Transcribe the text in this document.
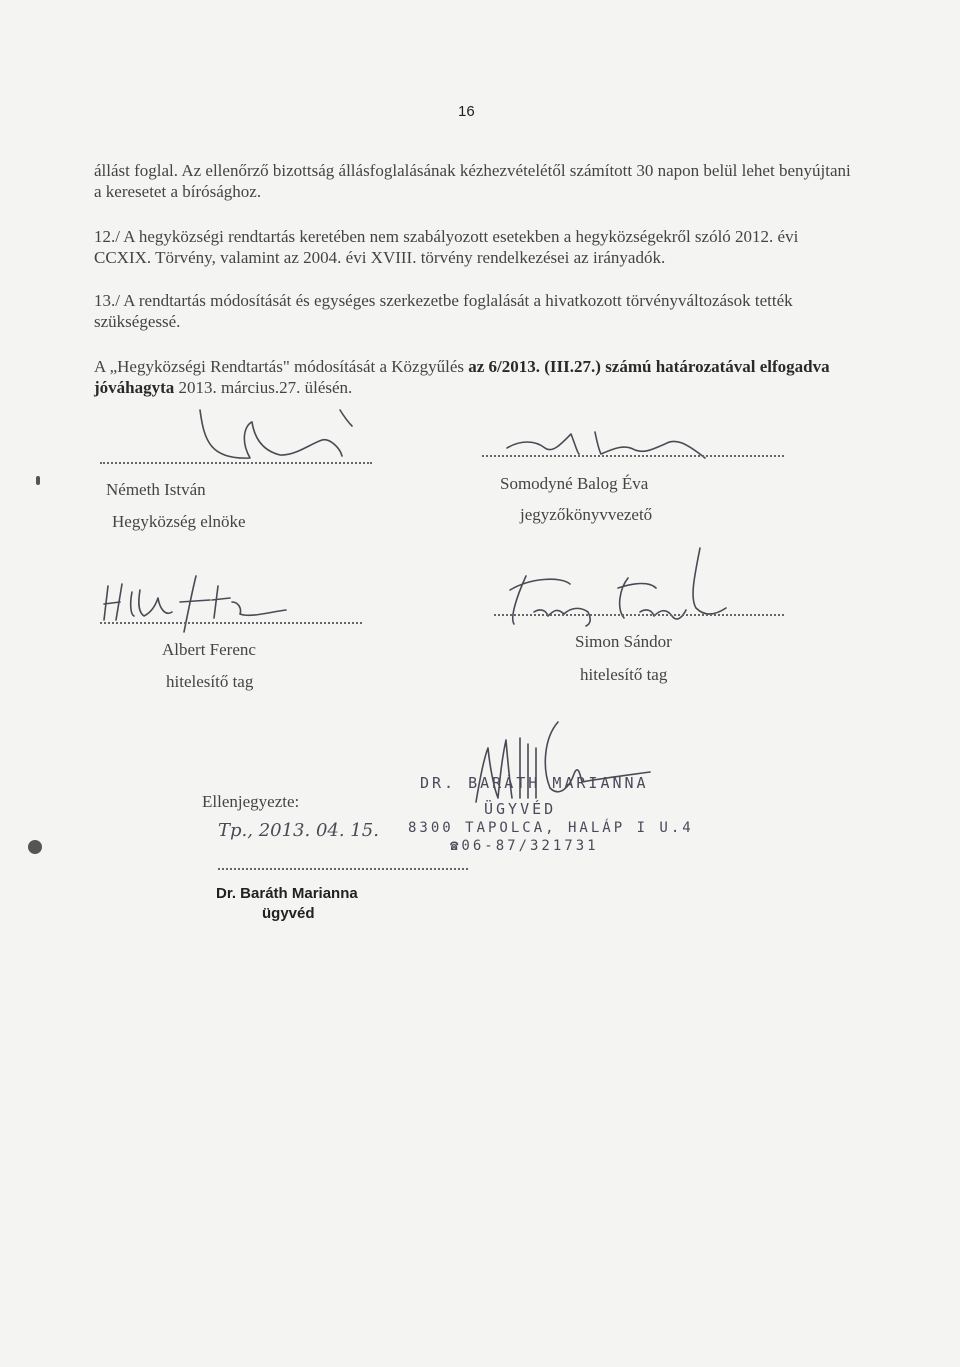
16
állást foglal. Az ellenőrző bizottság állásfoglalásának kézhezvételétől számított 30 napon belül lehet benyújtani a keresetet a bírósághoz.
12./ A hegyközségi rendtartás keretében nem szabályozott esetekben a hegyközségekről szóló 2012. évi CCXIX. Törvény, valamint az 2004. évi XVIII. törvény rendelkezései az irányadók.
13./ A rendtartás módosítását és egységes szerkezetbe foglalását a hivatkozott törvényváltozások tették szükségessé.
A „Hegyközségi Rendtartás" módosítását a Közgyűlés az 6/2013. (III.27.) számú határozatával elfogadva jóváhagyta 2013. március.27. ülésén.
Németh István
Hegyközség elnöke
Somodyné Balog Éva
jegyzőkönyvvezető
Albert Ferenc
hitelesítő tag
Simon Sándor
hitelesítő tag
Ellenjegyezte:
Tp., 2013. 04. 15.
Dr. Baráth Marianna
ügyvéd
DR. BARÁTH MARIANNA
ÜGYVÉD
8300 TAPOLCA, HALÁP I U.4
☎06-87/321731
